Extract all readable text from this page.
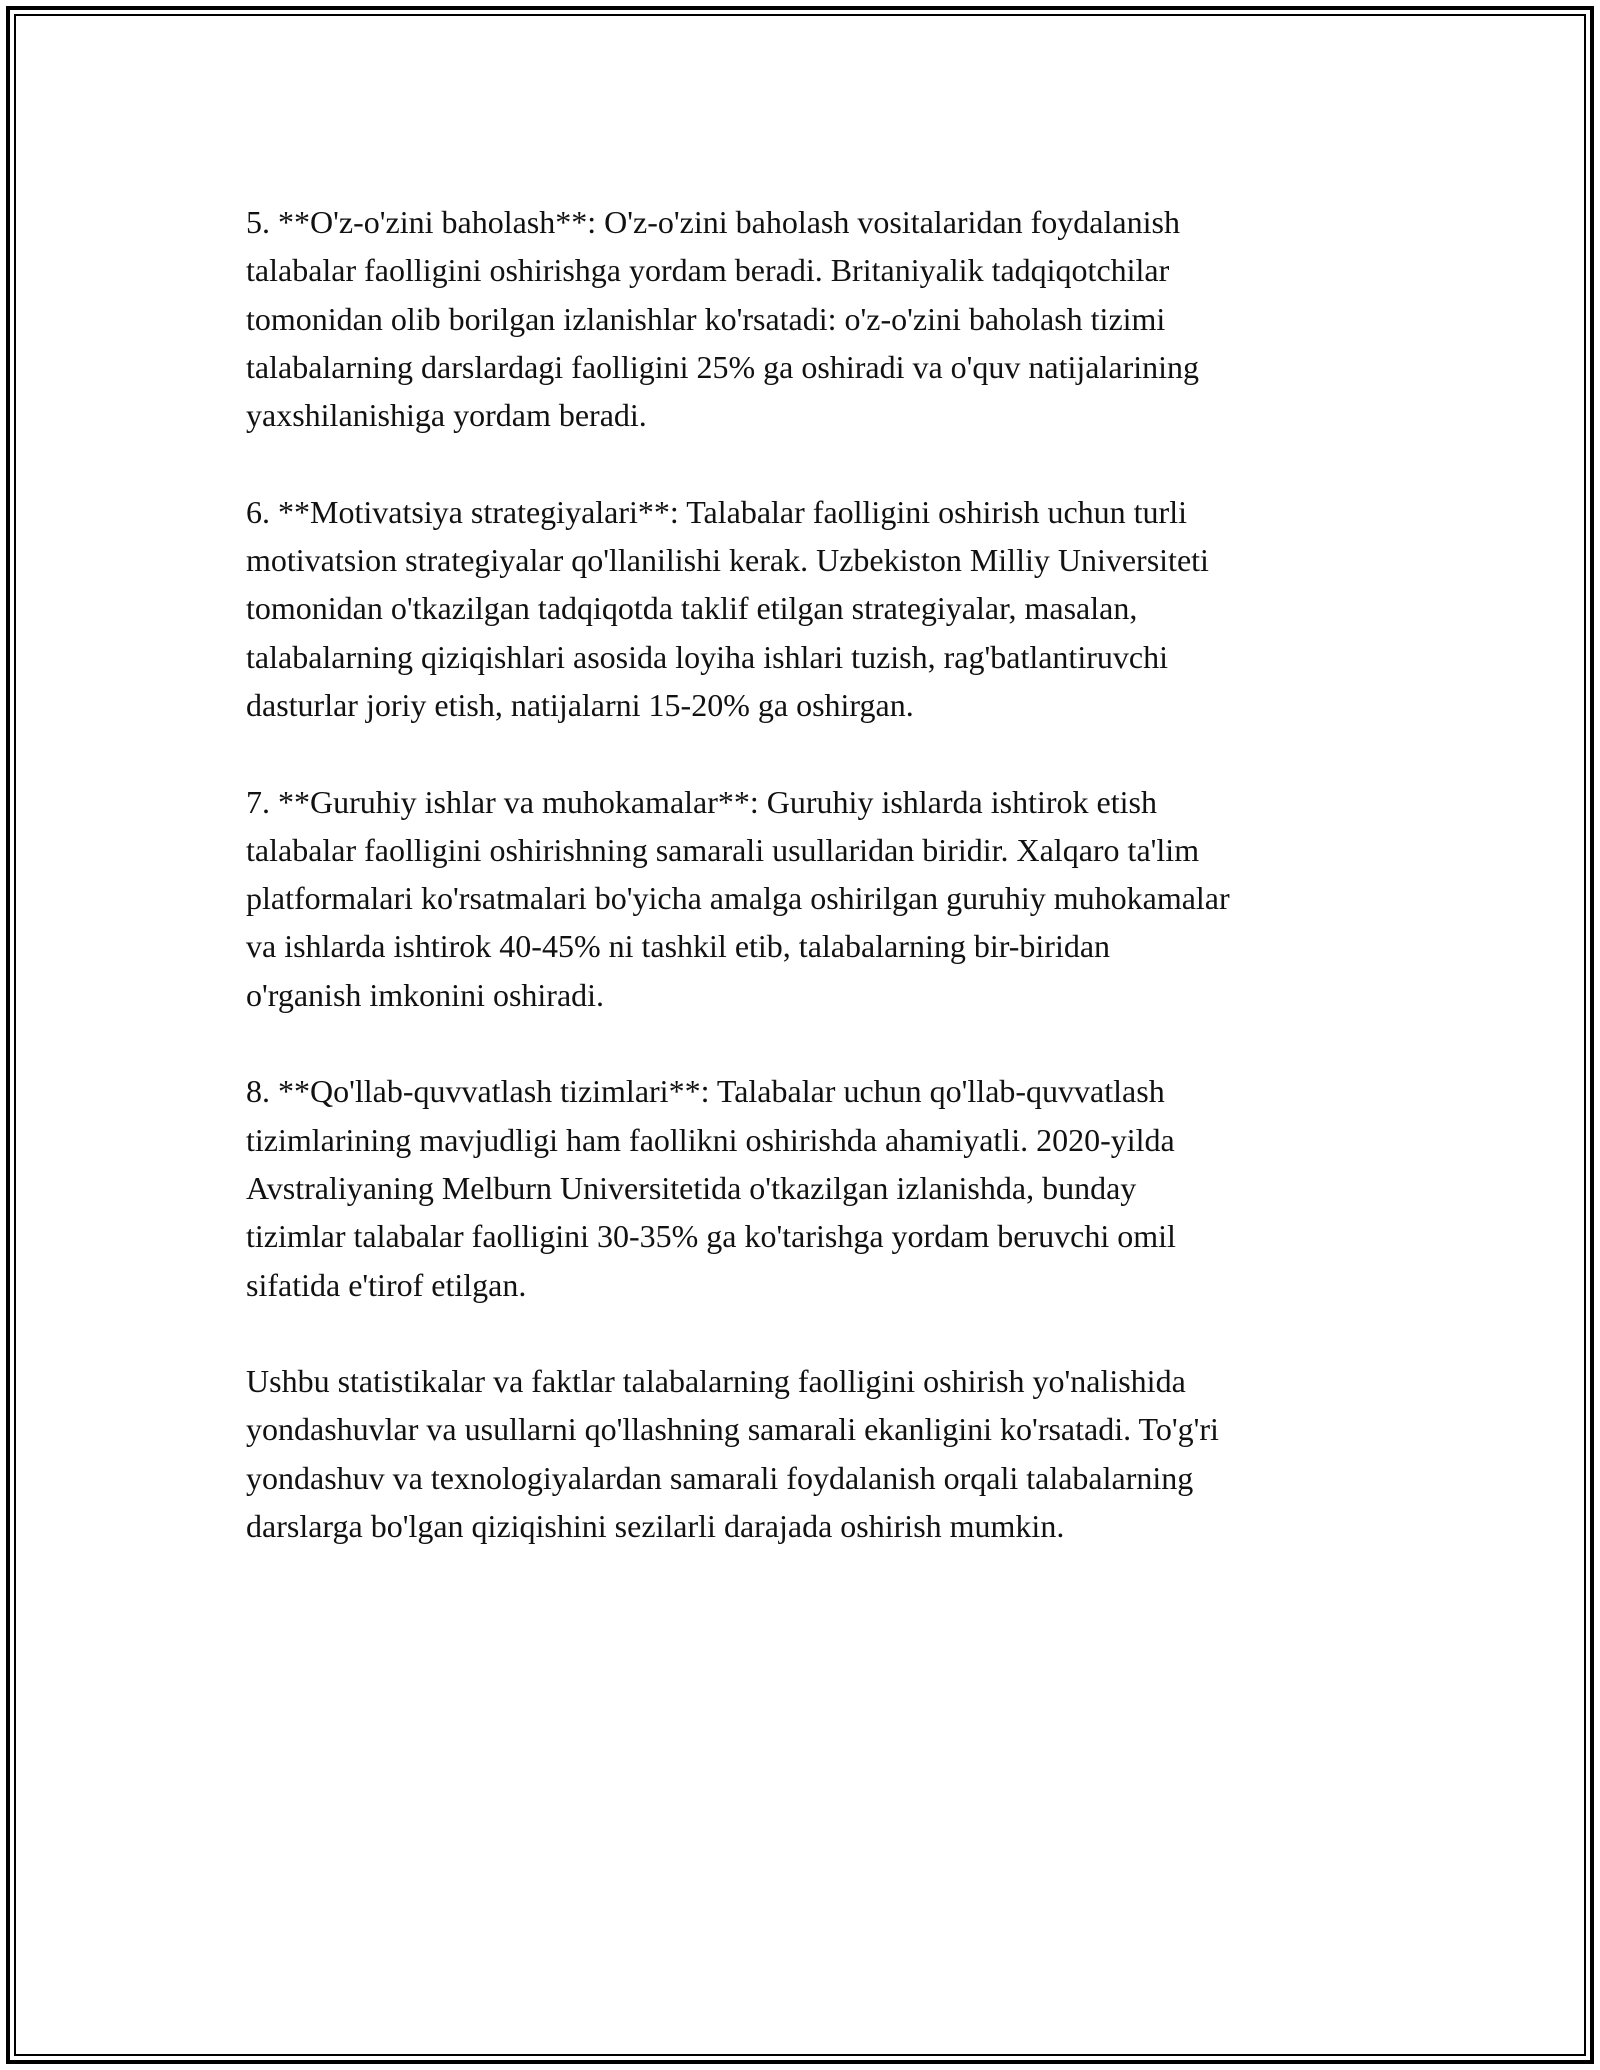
5. **O'z-o'zini baholash**: O'z-o'zini baholash vositalaridan foydalanish
talabalar faolligini oshirishga yordam beradi. Britaniyalik tadqiqotchilar
tomonidan olib borilgan izlanishlar ko'rsatadi: o'z-o'zini baholash tizimi
talabalarning darslardagi faolligini 25% ga oshiradi va o'quv natijalarining
yaxshilanishiga yordam beradi.

6. **Motivatsiya strategiyalari**: Talabalar faolligini oshirish uchun turli
motivatsion strategiyalar qo'llanilishi kerak. Uzbekiston Milliy Universiteti
tomonidan o'tkazilgan tadqiqotda taklif etilgan strategiyalar, masalan,
talabalarning qiziqishlari asosida loyiha ishlari tuzish, rag'batlantiruvchi
dasturlar joriy etish, natijalarni 15-20% ga oshirgan.

7. **Guruhiy ishlar va muhokamalar**: Guruhiy ishlarda ishtirok etish
talabalar faolligini oshirishning samarali usullaridan biridir. Xalqaro ta'lim
platformalari ko'rsatmalari bo'yicha amalga oshirilgan guruhiy muhokamalar
va ishlarda ishtirok 40-45% ni tashkil etib, talabalarning bir-biridan
o'rganish imkonini oshiradi.

8. **Qo'llab-quvvatlash tizimlari**: Talabalar uchun qo'llab-quvvatlash
tizimlarining mavjudligi ham faollikni oshirishda ahamiyatli. 2020-yilda
Avstraliyaning Melburn Universitetida o'tkazilgan izlanishda, bunday
tizimlar talabalar faolligini 30-35% ga ko'tarishga yordam beruvchi omil
sifatida e'tirof etilgan.

Ushbu statistikalar va faktlar talabalarning faolligini oshirish yo'nalishida
yondashuvlar va usullarni qo'llashning samarali ekanligini ko'rsatadi. To'g'ri
yondashuv va texnologiyalardan samarali foydalanish orqali talabalarning
darslarga bo'lgan qiziqishini sezilarli darajada oshirish mumkin.
